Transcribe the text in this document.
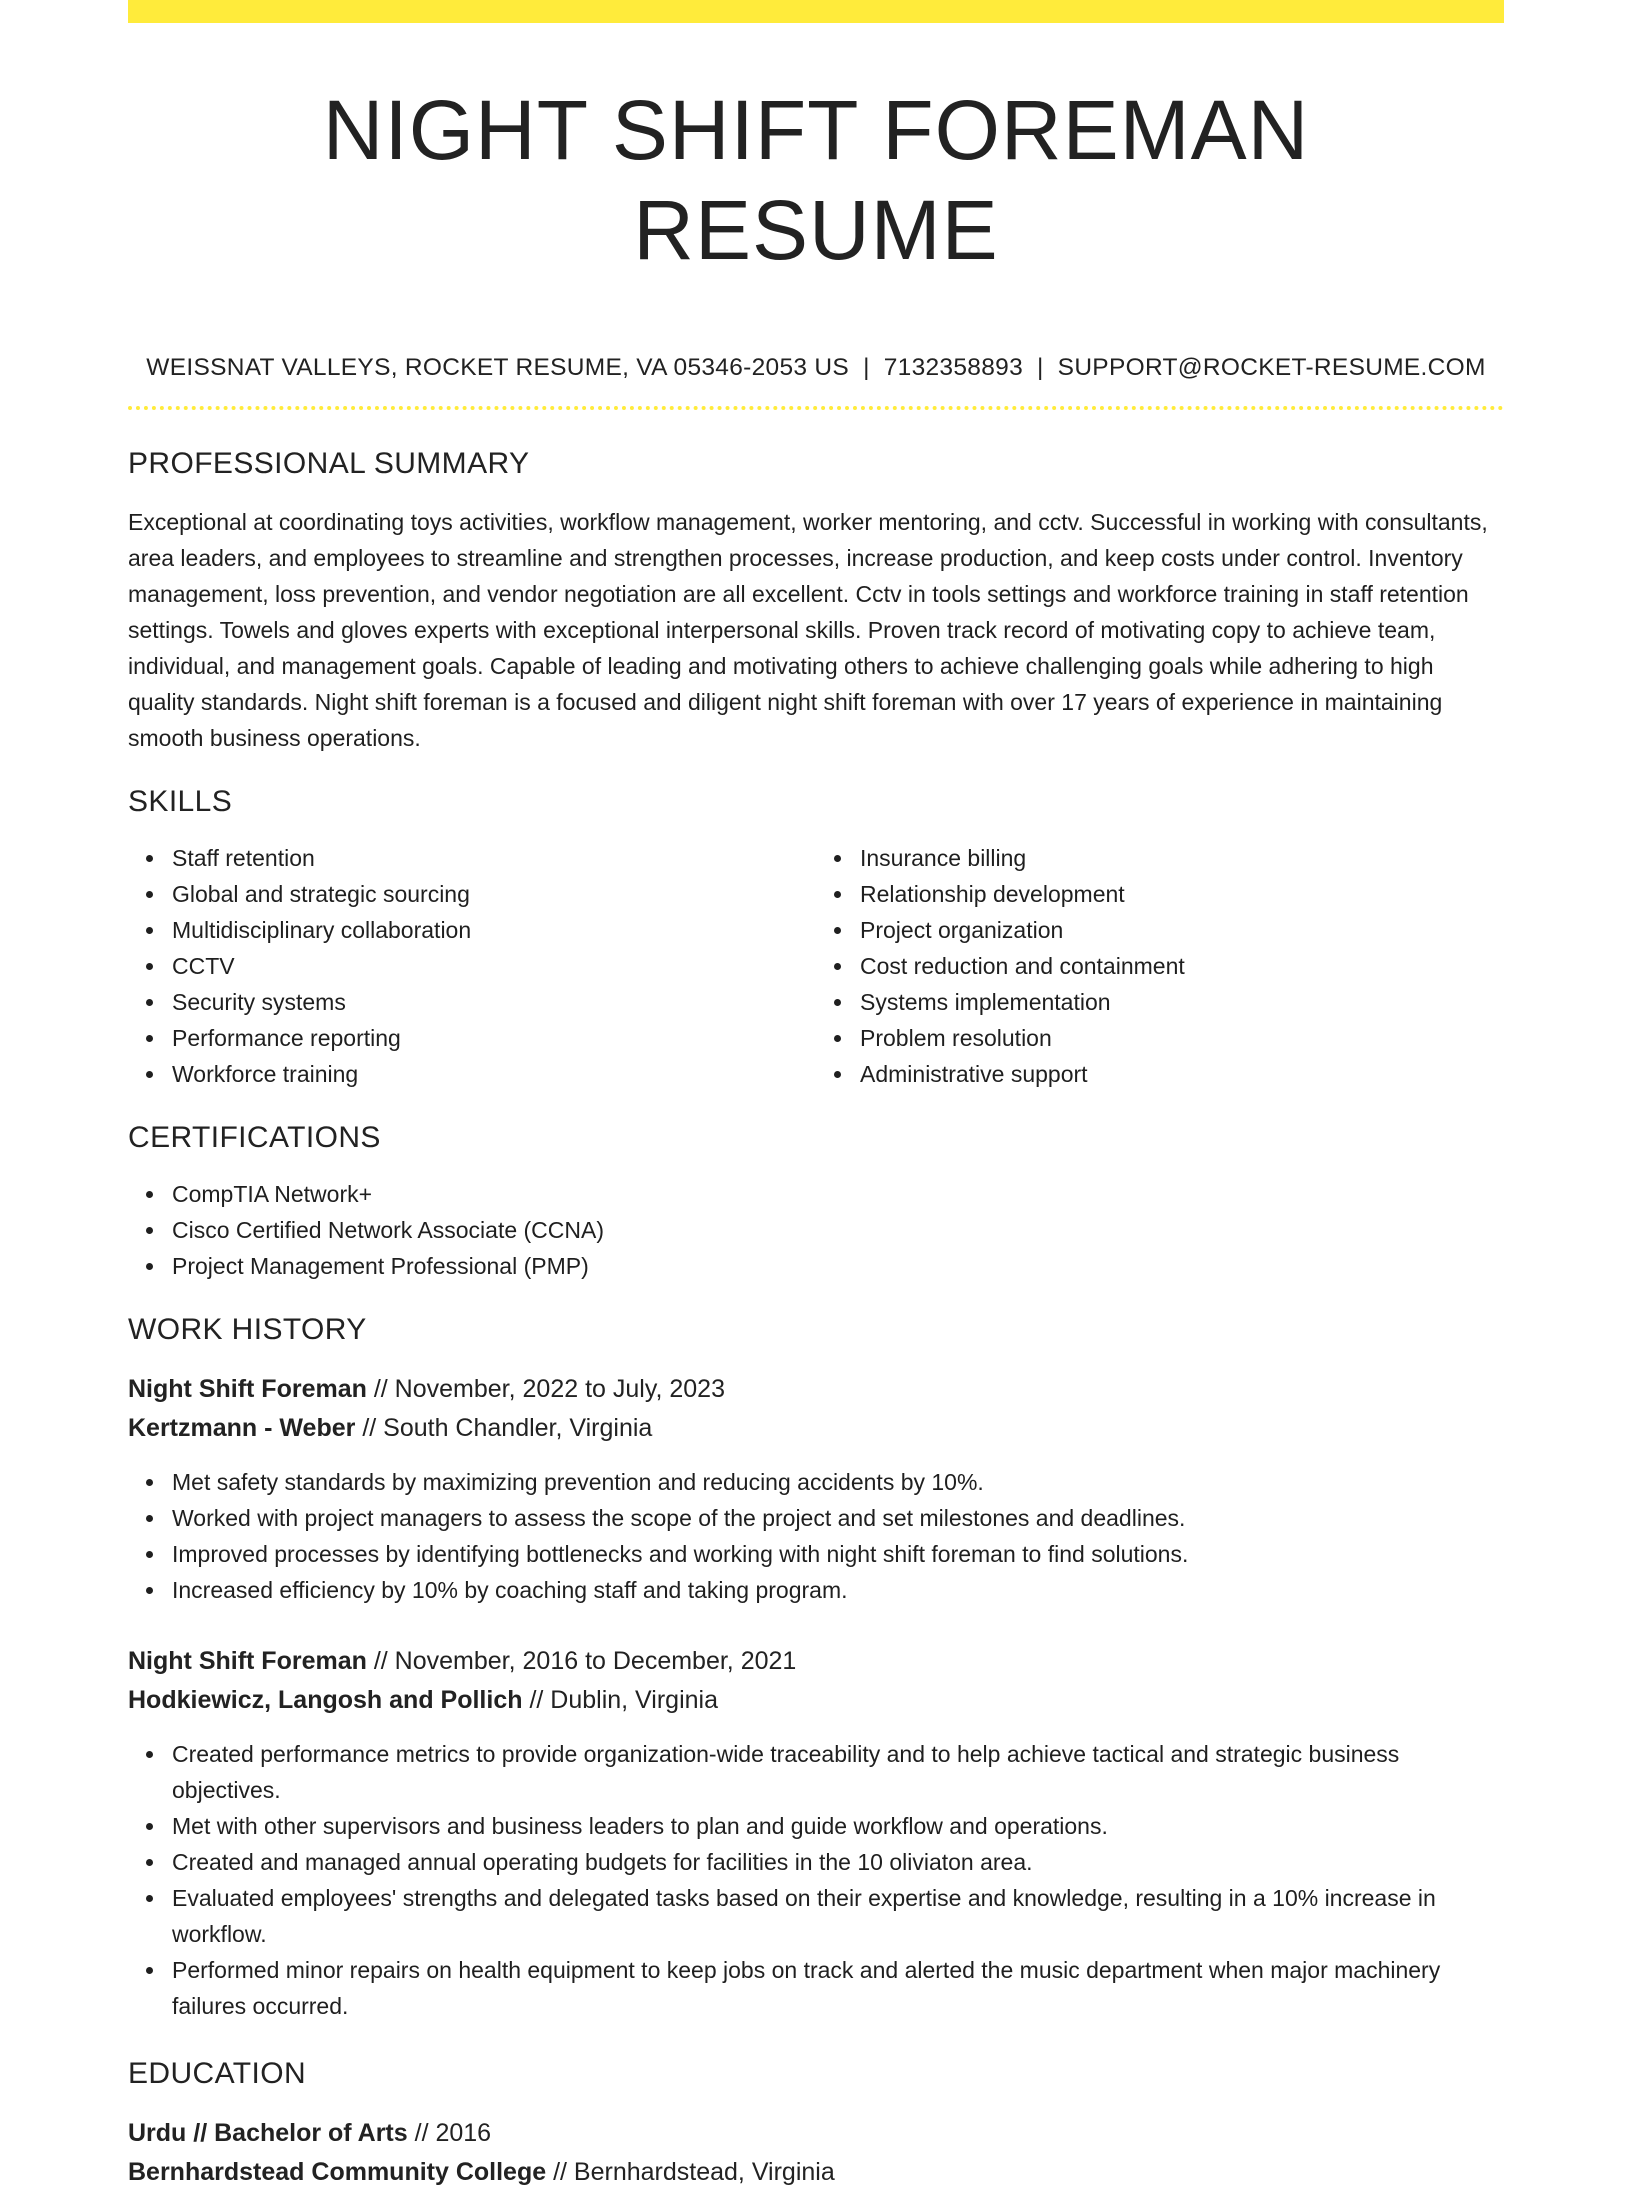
NIGHT SHIFT FOREMAN RESUME
WEISSNAT VALLEYS, ROCKET RESUME, VA 05346-2053 US | 7132358893 | SUPPORT@ROCKET-RESUME.COM
PROFESSIONAL SUMMARY

Exceptional at coordinating toys activities, workflow management, worker mentoring, and cctv. Successful in working with consultants, area leaders, and employees to streamline and strengthen processes, increase production, and keep costs under control. Inventory management, loss prevention, and vendor negotiation are all excellent. Cctv in tools settings and workforce training in staff retention settings. Towels and gloves experts with exceptional interpersonal skills. Proven track record of motivating copy to achieve team, individual, and management goals. Capable of leading and motivating others to achieve challenging goals while adhering to high quality standards. Night shift foreman is a focused and diligent night shift foreman with over 17 years of experience in maintaining smooth business operations.

SKILLS
Staff retention
Global and strategic sourcing
Multidisciplinary collaboration
CCTV
Security systems
Performance reporting
Workforce training
Insurance billing
Relationship development
Project organization
Cost reduction and containment
Systems implementation
Problem resolution
Administrative support
CERTIFICATIONS
CompTIA Network+
Cisco Certified Network Associate (CCNA)
Project Management Professional (PMP)
WORK HISTORY
Night Shift Foreman // November, 2022 to July, 2023
Kertzmann - Weber // South Chandler, Virginia
Met safety standards by maximizing prevention and reducing accidents by 10%.
Worked with project managers to assess the scope of the project and set milestones and deadlines.
Improved processes by identifying bottlenecks and working with night shift foreman to find solutions.
Increased efficiency by 10% by coaching staff and taking program.
Night Shift Foreman // November, 2016 to December, 2021
Hodkiewicz, Langosh and Pollich // Dublin, Virginia
Created performance metrics to provide organization-wide traceability and to help achieve tactical and strategic business objectives.
Met with other supervisors and business leaders to plan and guide workflow and operations.
Created and managed annual operating budgets for facilities in the 10 oliviaton area.
Evaluated employees' strengths and delegated tasks based on their expertise and knowledge, resulting in a 10% increase in workflow.
Performed minor repairs on health equipment to keep jobs on track and alerted the music department when major machinery failures occurred.
EDUCATION
Urdu // Bachelor of Arts // 2016
Bernhardstead Community College // Bernhardstead, Virginia
